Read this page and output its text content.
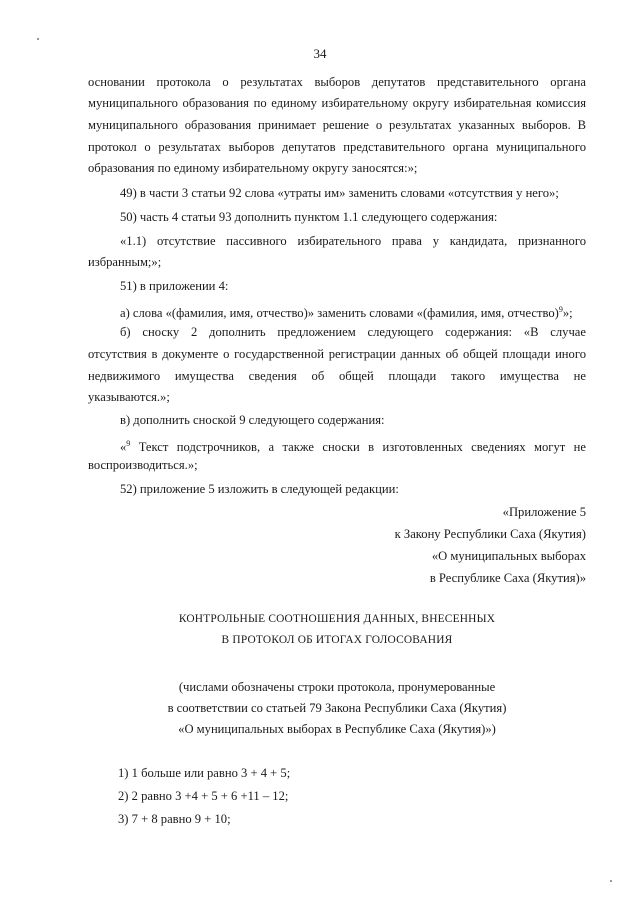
34

основании протокола о результатах выборов депутатов представительного органа

муниципального образования по единому избирательному округу избирательная комиссия

муниципального образования принимает решение о результатах указанных выборов. В

протокол о результатах выборов депутатов представительного органа муниципального

образования по единому избирательному округу заносятся:»;

49) в части 3 статьи 92 слова «утраты им» заменить словами «отсутствия у него»;

50) часть 4 статьи 93 дополнить пунктом 1.1 следующего содержания:

«1.1) отсутствие пассивного избирательного права у кандидата, признанного

избранным;»;

51) в приложении 4:

а) слова «(фамилия, имя, отчество)» заменить словами «(фамилия, имя, отчество)$^9$»;

б) сноску 2 дополнить предложением следующего содержания: «В случае

отсутствия в документе о государственной регистрации данных об общей площади иного

недвижимого имущества сведения об общей площади такого имущества не

указываются.»;

в) дополнить сноской 9 следующего содержания:

«$^9$ Текст подстрочников, а также сноски в изготовленных сведениях могут не

воспроизводиться.»;

52) приложение 5 изложить в следующей редакции:

«Приложение 5

к Закону Республики Саха (Якутия)

«О муниципальных выборах

в Республике Саха (Якутия)»

КОНТРОЛЬНЫЕ СООТНОШЕНИЯ ДАННЫХ, ВНЕСЕННЫХ

В ПРОТОКОЛ ОБ ИТОГАХ ГОЛОСОВАНИЯ

(числами обозначены строки протокола, пронумерованные

в соответствии со статьей 79 Закона Республики Саха (Якутия)

«О муниципальных выборах в Республике Саха (Якутия)»)

1) 1 больше или равно 3 + 4 + 5;

2) 2 равно 3 +4 + 5 + 6 +11 – 12;

3) 7 + 8 равно 9 + 10;
